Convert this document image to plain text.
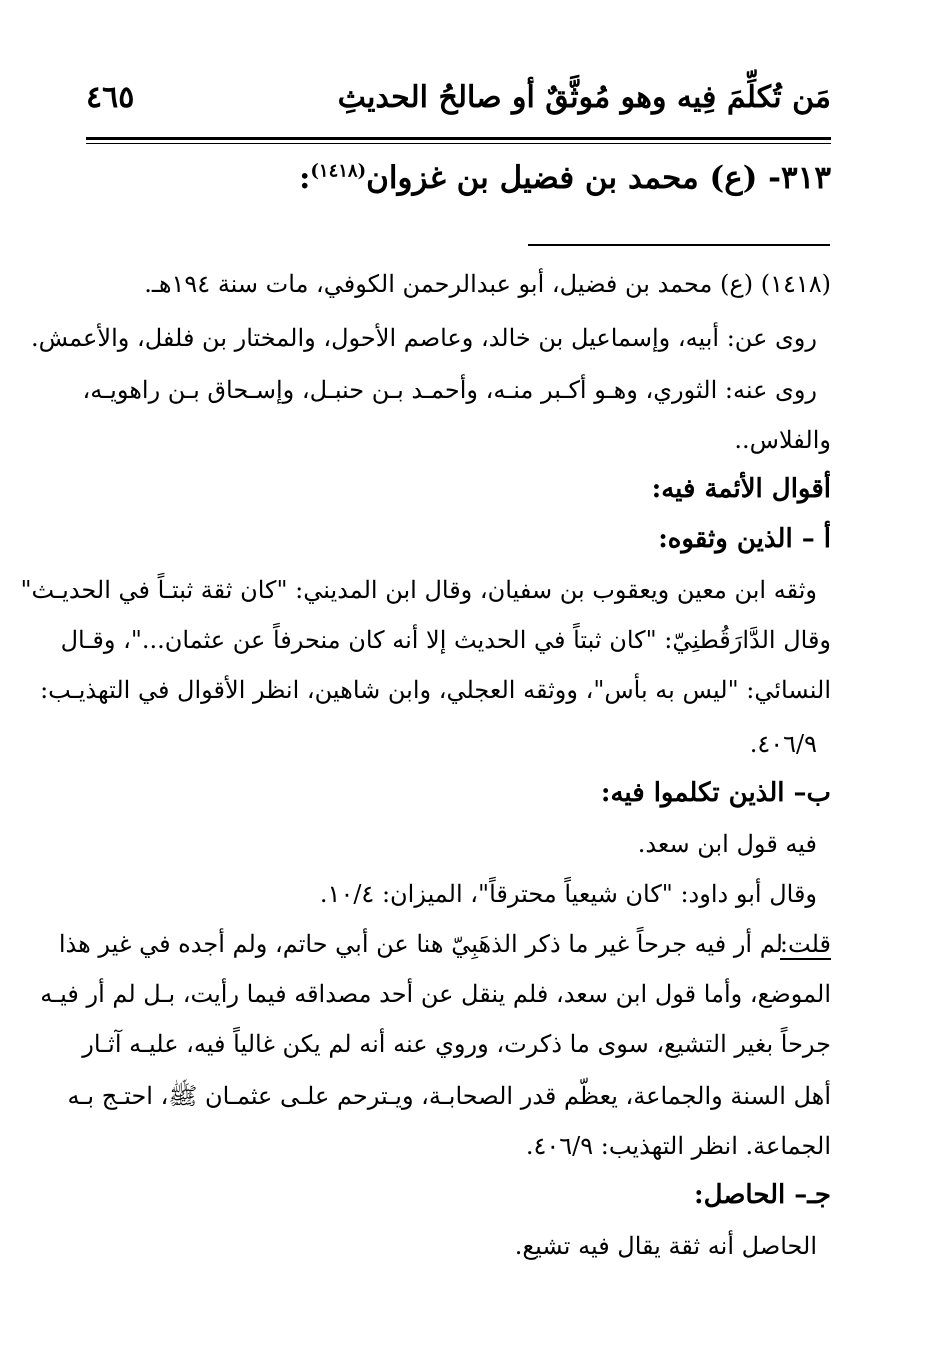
مَن تُكلِّمَ فِيه وهو مُوثَّقٌ أو صالحُ الحديثِ
٤٦٥
٣١٣- (ع) محمد بن فضيل بن غزوان$^{(١٤١٨)}$:
(١٤١٨) (ع) محمد بن فضيل، أبو عبدالرحمن الكوفي، مات سنة ١٩٤هـ.
روى عن: أبيه، وإسماعيل بن خالد، وعاصم الأحول، والمختار بن فلفل، والأعمش.
روى عنه: الثوري، وهـو أكـبر منـه، وأحمـد بـن حنبـل، وإسـحاق بـن راهويـه،
والفلاس..
أقوال الأئمة فيه:
أ – الذين وثقوه:
وثقه ابن معين ويعقوب بن سفيان، وقال ابن المديني: "كان ثقة ثبتـاً في الحديـث"
وقال الدَّارَقُطنِيّ: "كان ثبتاً في الحديث إلا أنه كان منحرفاً عن عثمان..."، وقـال
النسائي: "ليس به بأس"، ووثقه العجلي، وابن شاهين، انظر الأقوال في التهذيـب:
٤٠٦/٩.
ب– الذين تكلموا فيه:
فيه قول ابن سعد.
وقال أبو داود: "كان شيعياً محترقاً"، الميزان: ١٠/٤.
قلت:
لم أر فيه جرحاً غير ما ذكر الذهَبِيّ هنا عن أبي حاتم، ولم أجده في غير هذا
الموضع، وأما قول ابن سعد، فلم ينقل عن أحد مصداقه فيما رأيت، بـل لم أر فيـه
جرحاً بغير التشيع، سوى ما ذكرت، وروي عنه أنه لم يكن غالياً فيه، عليـه آثـار
أهل السنة والجماعة، يعظّم قدر الصحابـة، ويـترحم علـى عثمـان ﷺ، احتـج بـه
الجماعة. انظر التهذيب: ٤٠٦/٩.
جـ– الحاصل:
الحاصل أنه ثقة يقال فيه تشيع.
